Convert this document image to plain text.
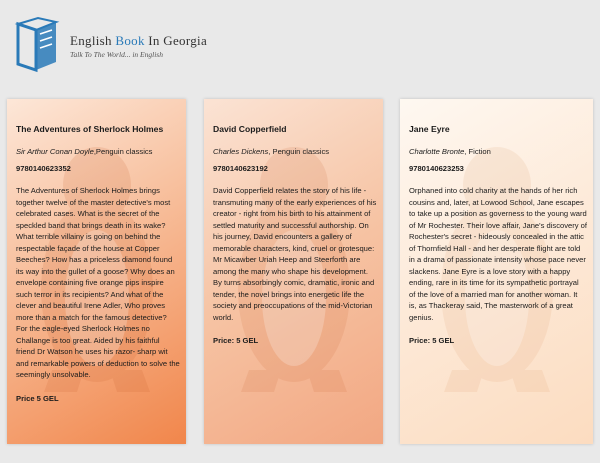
English Book In Georgia
Talk To The World... in English
The Adventures of Sherlock Holmes
Sir Arthur Conan Doyle,Penguin classics
9780140623352
The Adventures of Sherlock Holmes brings together twelve of the master detective's most celebrated cases. What is the secret of the speckled band that brings death in its wake? What terrible villainy is going on behind the respectable façade of the house at Copper Beeches? How has a priceless diamond found its way into the gullet of a goose? Why does an envelope containing five orange pips inspire such terror in its recipients? And what of the clever and beautiful Irene Adler, Who proves more than a match for the famous detective? For the eagle-eyed Sherlock Holmes no Challange is too great. Aided by his faithful friend Dr Watson he uses his razor- sharp wit and remarkable powers of deduction to solve the seemingly unsolvable.
Price 5 GEL
David Copperfield
Charles Dickens, Penguin classics
9780140623192
David Copperfield relates the story of his life - transmuting many of the early experiences of his creator - right from his birth to his attainment of settled maturity and successful authorship. On his journey, David encounters a gallery of memorable characters, kind, cruel or grotesque: Mr Micawber Uriah Heep and Steerforth are among the many who shape his development. By turns absorbingly comic, dramatic, ironic and tender, the novel brings into energetic life the society and preoccupations of the mid-Victorian world.
Price: 5 GEL
Jane Eyre
Charlotte Bronte, Fiction
9780140623253
Orphaned into cold charity at the hands of her rich cousins and, later, at Lowood School, Jane escapes to take up a position as governess to the young ward of Mr Rochester. Their love affair, Jane's discovery of Rochester's secret - hideously concealed in the attic of Thornfield Hall - and her desperate flight are told in a drama of passionate intensity whose pace never slackens. Jane Eyre is a love story with a happy ending, rare in its time for its sympathetic portrayal of the love of a married man for another woman. It is, as Thackeray said, The masterwork of a great genius.
Price: 5 GEL
